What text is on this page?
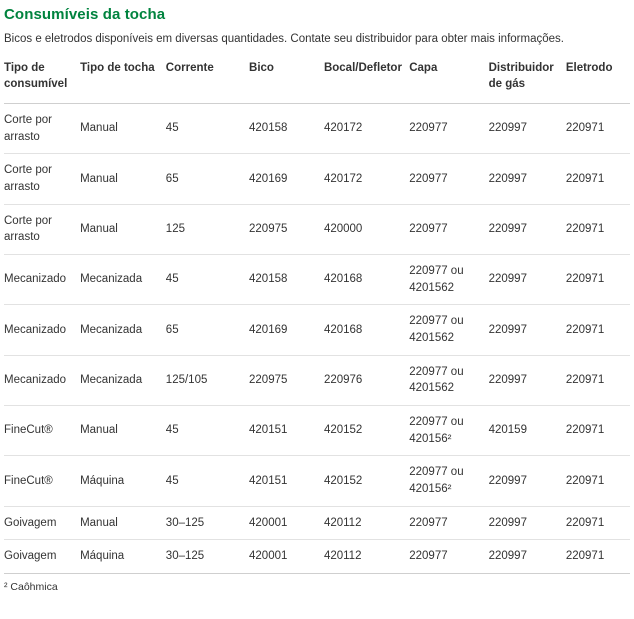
Consumíveis da tocha
Bicos e eletrodos disponíveis em diversas quantidades. Contate seu distribuidor para obter mais informações.
Tipo de consumível	Tipo de tocha	Corrente	Bico	Bocal/Defletor	Capa	Distribuidor de gás	Eletrodo

Corte por arrasto	Manual	45	420158	420172	220977	220997	220971
Corte por arrasto	Manual	65	420169	420172	220977	220997	220971
Corte por arrasto	Manual	125	220975	420000	220977	220997	220971
Mecanizado	Mecanizada	45	420158	420168	220977 ou 4201562	220997	220971
Mecanizado	Mecanizada	65	420169	420168	220977 ou 4201562	220997	220971
Mecanizado	Mecanizada	125/105	220975	220976	220977 ou 4201562	220997	220971
FineCut®	Manual	45	420151	420152	220977 ou 420156²	420159	220971
FineCut®	Máquina	45	420151	420152	220977 ou 420156²	220997	220971
Goivagem	Manual	30–125	420001	420112	220977	220997	220971
Goivagem	Máquina	30–125	420001	420112	220977	220997	220971
² Caôhmica
